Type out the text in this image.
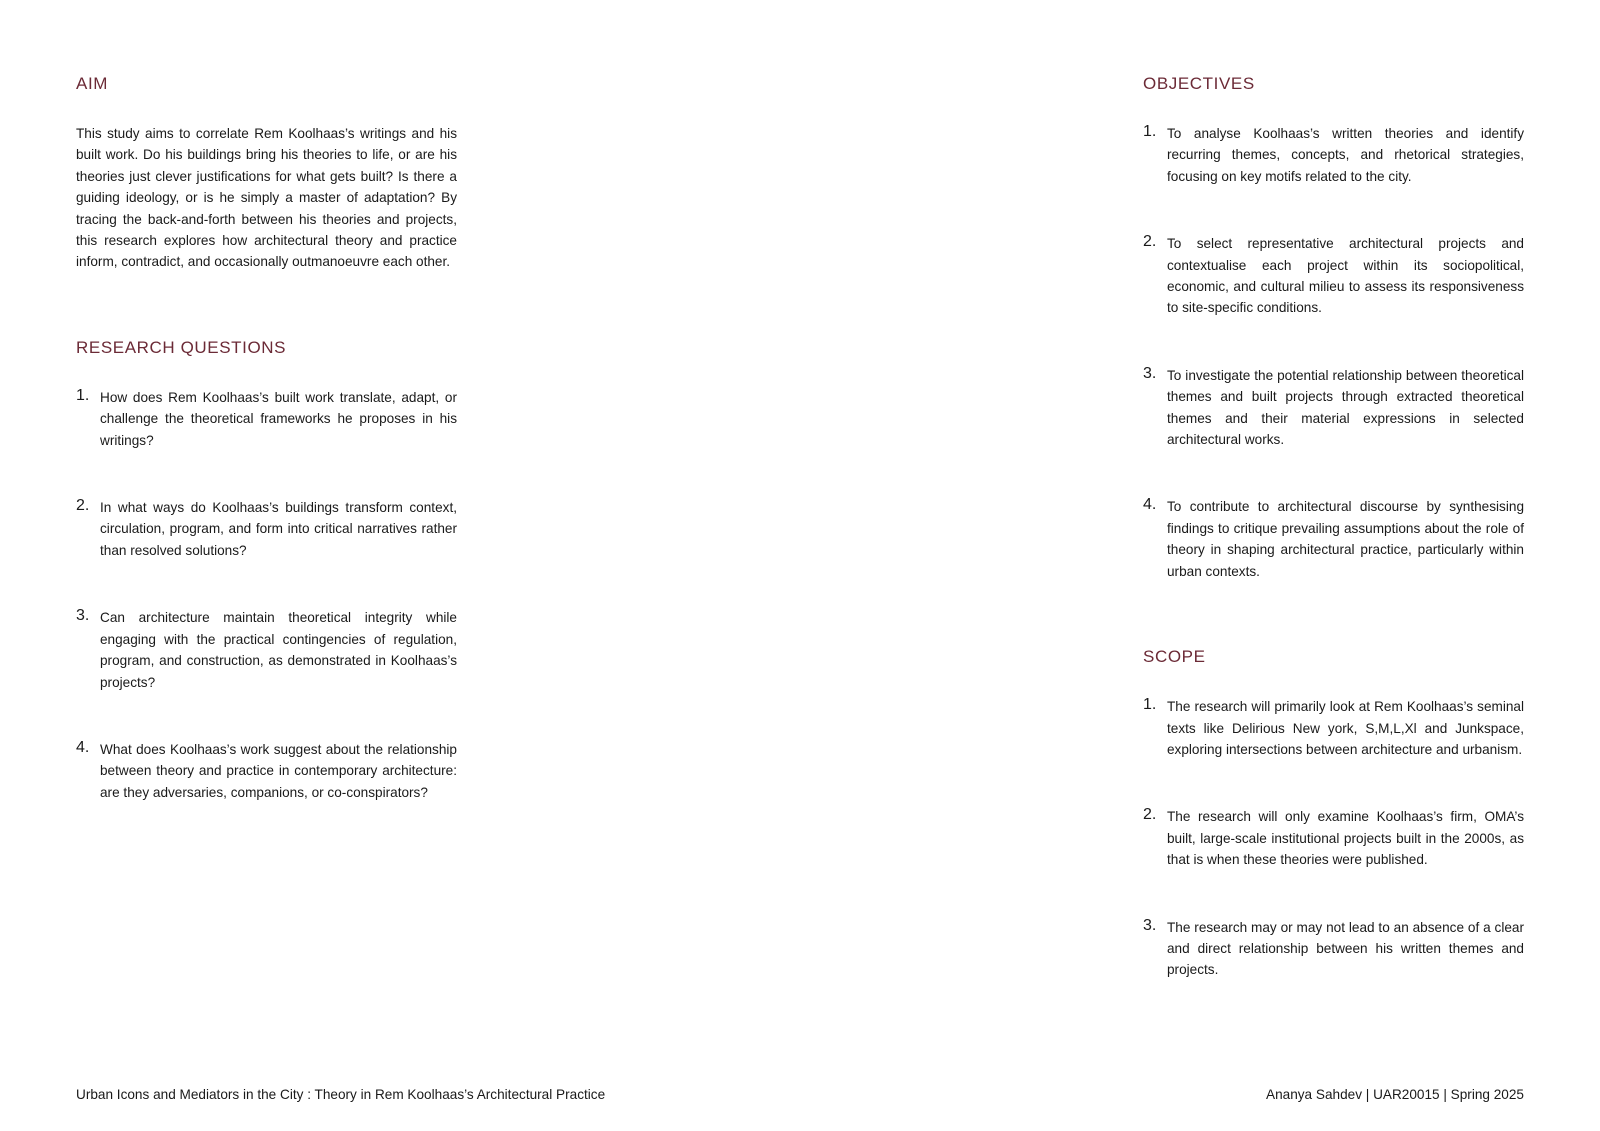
AIM

This study aims to correlate Rem Koolhaas’s writings and his built work. Do his buildings bring his theories to life, or are his theories just clever justifications for what gets built? Is there a guiding ideology, or is he simply a master of adaptation? By tracing the back-and-forth between his theories and projects, this research explores how architectural theory and practice inform, contradict, and occasionally outmanoeuvre each other.

RESEARCH QUESTIONS
1. How does Rem Koolhaas’s built work translate, adapt, or challenge the theoretical frameworks he proposes in his writings?

2. In what ways do Koolhaas’s buildings transform context, circulation, program, and form into critical narratives rather than resolved solutions?

3. Can architecture maintain theoretical integrity while engaging with the practical contingencies of regulation, program, and construction, as demonstrated in Koolhaas’s projects?

4. What does Koolhaas’s work suggest about the relationship between theory and practice in contemporary architecture: are they adversaries, companions, or co-conspirators?

OBJECTIVES
1. To analyse Koolhaas’s written theories and identify recurring themes, concepts, and rhetorical strategies, focusing on key motifs related to the city.

2. To select representative architectural projects and contextualise each project within its sociopolitical, economic, and cultural milieu to assess its responsiveness to site-specific conditions.

3. To investigate the potential relationship between theoretical themes and built projects through extracted theoretical themes and their material expressions in selected architectural works.

4. To contribute to architectural discourse by synthesising findings to critique prevailing assumptions about the role of theory in shaping architectural practice, particularly within urban contexts.

SCOPE
1. The research will primarily look at Rem Koolhaas’s seminal texts like Delirious New york, S,M,L,Xl and Junkspace, exploring intersections between architecture and urbanism.

2. The research will only examine Koolhaas’s firm, OMA’s built, large-scale institutional projects built in the 2000s, as that is when these theories were published.

3. The research may or may not lead to an absence of a clear and direct relationship between his written themes and projects.

Urban Icons and Mediators in the City : Theory in Rem Koolhaas’s Architectural Practice	Ananya Sahdev | UAR20015 | Spring 2025
